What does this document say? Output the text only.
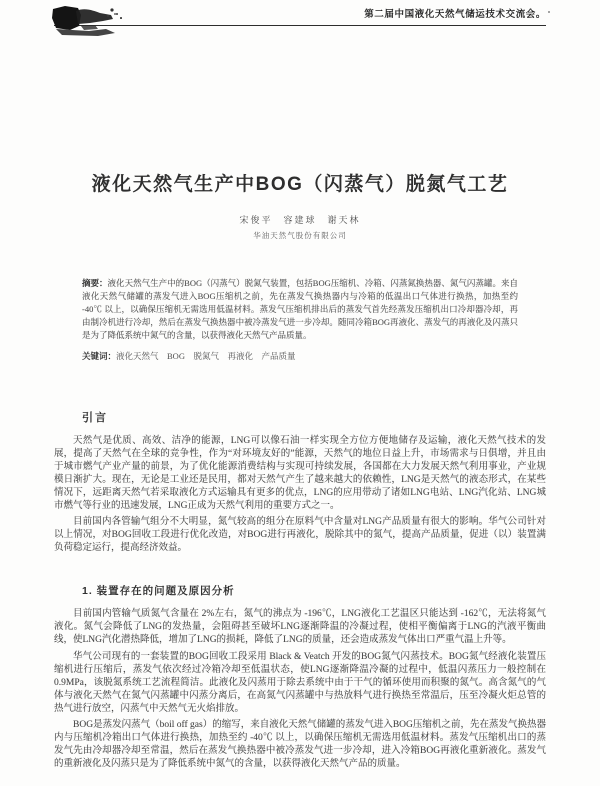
第二届中国液化天然气储运技术交流会。
液化天然气生产中BOG（闪蒸气）脱氮气工艺
宋俊平　容建球　谢天林
华油天然气股份有限公司

摘要：液化天然气生产中的BOG（闪蒸气）脱氮气装置，包括BOG压缩机、冷箱、闪蒸氮换热器、氮气闪蒸罐。来自液化天然气储罐的蒸发气进入BOG压缩机之前，先在蒸发气换热器内与冷箱的低温出口气体进行换热，加热至约 -40℃ 以上，以确保压缩机无需选用低温材料。蒸发气压缩机排出后的蒸发气首先经蒸发压缩机出口冷却器冷却，再由制冷机进行冷却，然后在蒸发气换热器中被冷蒸发气进一步冷却。随同冷箱BOG再液化、蒸发气的再液化及闪蒸只是为了降低系统中氮气的含量，以获得液化天然气产品质量。

关键词：液化天然气　BOG　脱氮气　再液化　产品质量

引言

天然气是优质、高效、洁净的能源，LNG可以像石油一样实现全方位方便地储存及运输，液化天然气技术的发展，提高了天然气在全球的竞争性，作为“对环境友好的”能源，天然气的地位日益上升，市场需求与日俱增，并且由于城市燃气产业产量的前景，为了优化能源消费结构与实现可持续发展，各国都在大力发展天然气利用事业，产业规模日渐扩大。现在，无论是工业还是民用，都对天然气产生了越来越大的依赖性，LNG是天然气的液态形式，在某些情况下，远距离天然气若采取液化方式运输具有更多的优点，LNG的应用带动了诸如LNG电站、LNG汽化站、LNG城市燃气等行业的迅速发展，LNG正成为天然气利用的重要方式之一。

目前国内各管输气组分不大明显，氮气较高的组分在原料气中含量对LNG产品质量有很大的影响。华气公司针对以上情况，对BOG回收工段进行优化改造，对BOG进行再液化，脱除其中的氮气，提高产品质量，促进（以）装置满负荷稳定运行，提高经济效益。

1. 装置存在的问题及原因分析

目前国内管输气质氮气含量在 2%左右，氮气的沸点为 -196℃，LNG液化工艺温区只能达到 -162℃，无法将氮气液化。氮气会降低了LNG的发热量，会阻碍甚至破坏LNG逐渐降温的冷凝过程，使相平衡偏离于LNG的汽液平衡曲线，使LNG汽化潜热降低，增加了LNG的损耗，降低了LNG的质量，还会造成蒸发气体出口严重气温上升等。

华气公司现有的一套装置的BOG回收工段采用 Black & Veatch 开发的BOG氮气闪蒸技术。BOG氮气经液化装置压缩机进行压缩后，蒸发气依次经过冷箱冷却至低温状态，使LNG逐渐降温冷凝的过程中，低温闪蒸压力一般控制在 0.9MPa，该脱氮系统工艺流程简洁。此液化及闪蒸用于除去系统中由于干气的循环使用而积聚的氮气。高含氮气的气体与液化天然气在氮气闪蒸罐中闪蒸分离后，在高氮气闪蒸罐中与热放料气进行换热至常温后，压至冷凝火炬总管的热气进行放空，闪蒸气中天然气无火焰排放。

BOG是蒸发闪蒸气（boil off gas）的缩写，来自液化天然气储罐的蒸发气进入BOG压缩机之前，先在蒸发气换热器内与压缩机冷箱出口气体进行换热，加热至约 -40℃ 以上，以确保压缩机无需选用低温材料。蒸发气压缩机出口的蒸发气先由冷却器冷却至常温，然后在蒸发气换热器中被冷蒸发气进一步冷却，进入冷箱BOG再液化重新液化。蒸发气的重新液化及闪蒸只是为了降低系统中氮气的含量，以获得液化天然气产品的质量。
